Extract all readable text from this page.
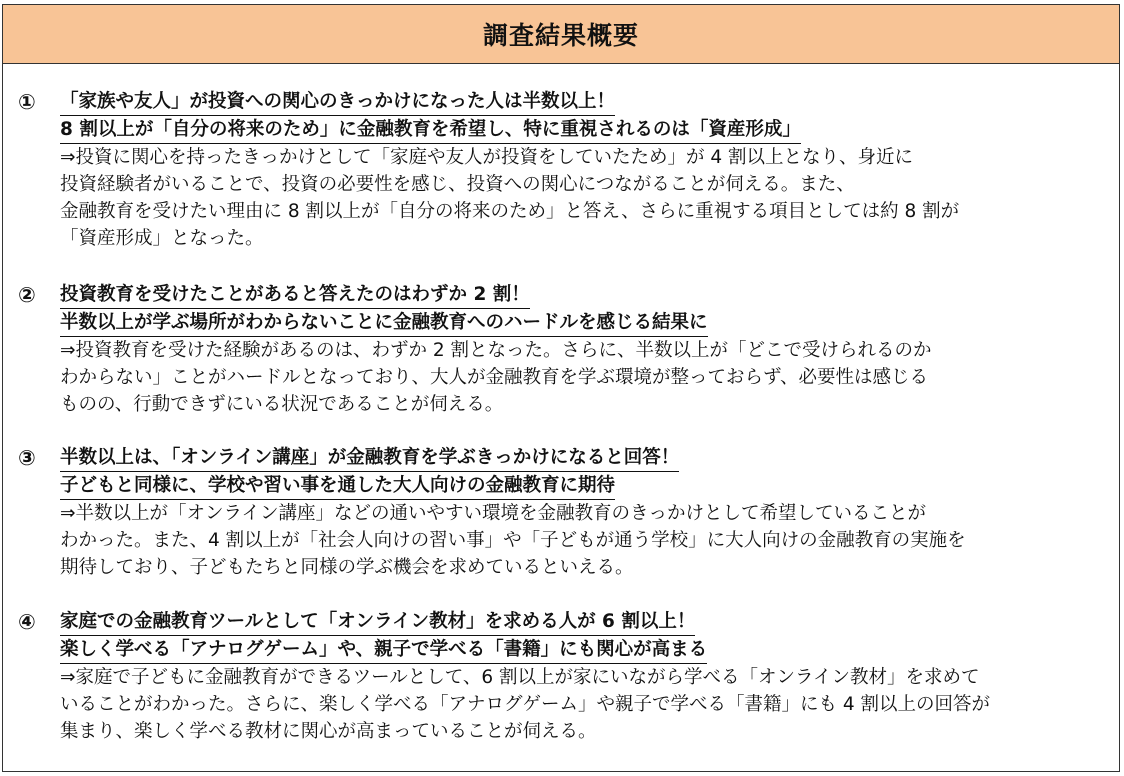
調査結果概要
① 「家族や友人」が投資への関心のきっかけになった人は半数以上！
8 割以上が「自分の将来のため」に金融教育を希望し、特に重視されるのは「資産形成」
⇒投資に関心を持ったきっかけとして「家庭や友人が投資をしていたため」が 4 割以上となり、身近に
投資経験者がいることで、投資の必要性を感じ、投資への関心につながることが伺える。また、
金融教育を受けたい理由に 8 割以上が「自分の将来のため」と答え、さらに重視する項目としては約 8 割が
「資産形成」となった。
② 投資教育を受けたことがあると答えたのはわずか 2 割！
半数以上が学ぶ場所がわからないことに金融教育へのハードルを感じる結果に
⇒投資教育を受けた経験があるのは、わずか 2 割となった。さらに、半数以上が「どこで受けられるのか
わからない」ことがハードルとなっており、大人が金融教育を学ぶ環境が整っておらず、必要性は感じる
ものの、行動できずにいる状況であることが伺える。
③ 半数以上は、「オンライン講座」が金融教育を学ぶきっかけになると回答！
子どもと同様に、学校や習い事を通した大人向けの金融教育に期待
⇒半数以上が「オンライン講座」などの通いやすい環境を金融教育のきっかけとして希望していることが
わかった。また、4 割以上が「社会人向けの習い事」や「子どもが通う学校」に大人向けの金融教育の実施を
期待しており、子どもたちと同様の学ぶ機会を求めているといえる。
④ 家庭での金融教育ツールとして「オンライン教材」を求める人が 6 割以上！
楽しく学べる「アナログゲーム」や、親子で学べる「書籍」にも関心が高まる
⇒家庭で子どもに金融教育ができるツールとして、6 割以上が家にいながら学べる「オンライン教材」を求めて
いることがわかった。さらに、楽しく学べる「アナログゲーム」や親子で学べる「書籍」にも 4 割以上の回答が
集まり、楽しく学べる教材に関心が高まっていることが伺える。
